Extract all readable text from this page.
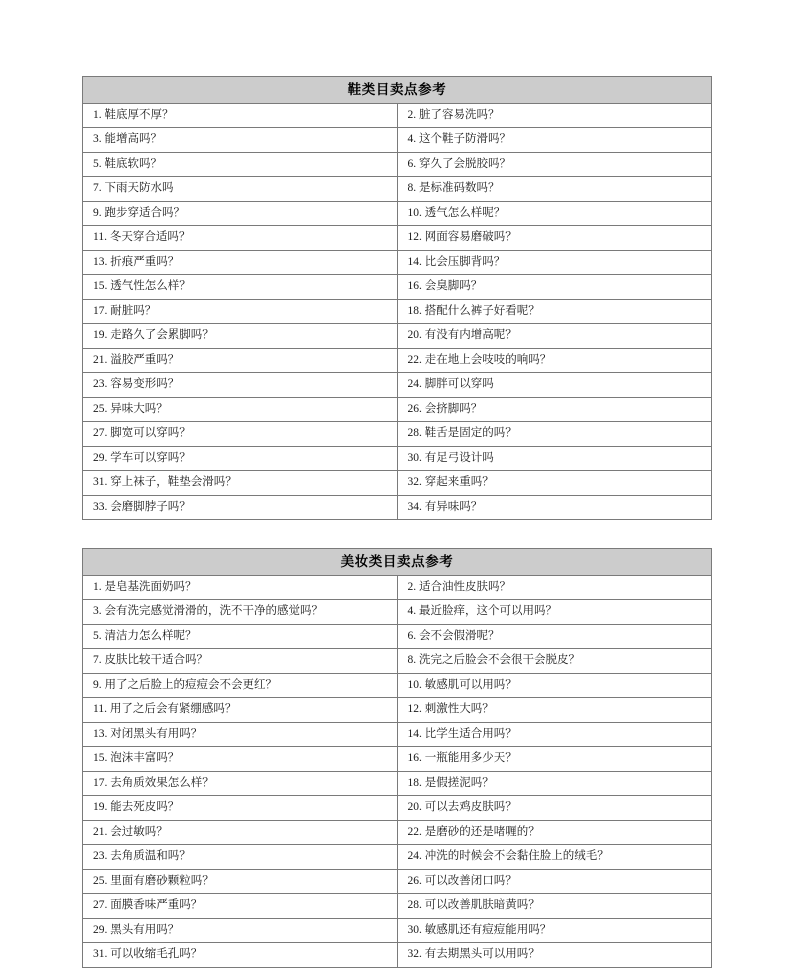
鞋类目卖点参考	
1. 鞋底厚不厚？	2. 脏了容易洗吗？
3. 能增高吗？	4. 这个鞋子防滑吗？
5. 鞋底软吗？	6. 穿久了会脱胶吗？
7. 下雨天防水吗	8. 是标准码数吗？
9. 跑步穿适合吗？	10. 透气怎么样呢？
11. 冬天穿合适吗？	12. 网面容易磨破吗？
13. 折痕严重吗？	14. 比会压脚背吗？
15. 透气性怎么样？	16. 会臭脚吗？
17. 耐脏吗？	18. 搭配什么裤子好看呢？
19. 走路久了会累脚吗？	20. 有没有内增高呢？
21. 溢胶严重吗？	22. 走在地上会吱吱的响吗？
23. 容易变形吗？	24. 脚胖可以穿吗
25. 异味大吗？	26. 会挤脚吗？
27. 脚宽可以穿吗？	28. 鞋舌是固定的吗？
29. 学车可以穿吗？	30. 有足弓设计吗
31. 穿上袜子，鞋垫会滑吗？	32. 穿起来重吗？
33. 会磨脚脖子吗？	34. 有异味吗？
美妆类目卖点参考	
1. 是皂基洗面奶吗？	2. 适合油性皮肤吗？
3. 会有洗完感觉滑滑的，洗不干净的感觉吗？	4. 最近脸痒，这个可以用吗？
5. 清洁力怎么样呢？	6. 会不会假滑呢？
7. 皮肤比较干适合吗？	8. 洗完之后脸会不会很干会脱皮？
9. 用了之后脸上的痘痘会不会更红？	10. 敏感肌可以用吗？
11. 用了之后会有紧绷感吗？	12. 刺激性大吗？
13. 对闭黑头有用吗？	14. 比学生适合用吗？
15. 泡沫丰富吗？	16. 一瓶能用多少天？
17. 去角质效果怎么样？	18. 是假搓泥吗？
19. 能去死皮吗？	20. 可以去鸡皮肤吗？
21. 会过敏吗？	22. 是磨砂的还是啫喱的？
23. 去角质温和吗？	24. 冲洗的时候会不会黏住脸上的绒毛？
25. 里面有磨砂颗粒吗？	26. 可以改善闭口吗？
27. 面膜香味严重吗？	28. 可以改善肌肤暗黄吗？
29. 黑头有用吗？	30. 敏感肌还有痘痘能用吗？
31. 可以收缩毛孔吗？	32. 有去期黑头可以用吗？
